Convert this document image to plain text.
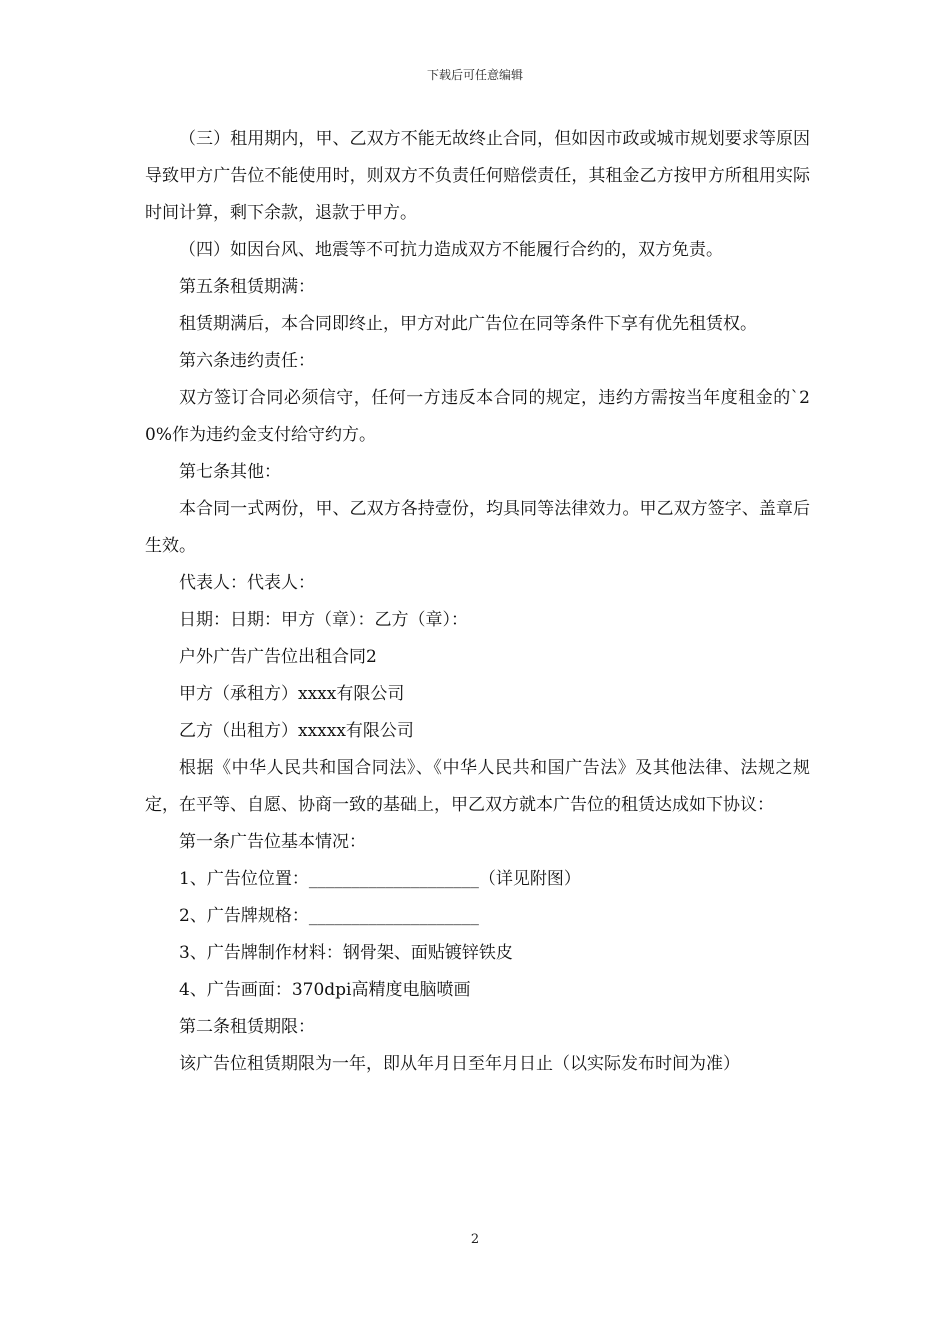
下载后可任意编辑

（三）租用期内，甲、乙双方不能无故终止合同，但如因市政或城市规划要求等原因导致甲方广告位不能使用时，则双方不负责任何赔偿责任，其租金乙方按甲方所租用实际时间计算，剩下余款，退款于甲方。

（四）如因台风、地震等不可抗力造成双方不能履行合约的，双方免责。

第五条租赁期满：

租赁期满后，本合同即终止，甲方对此广告位在同等条件下享有优先租赁权。

第六条违约责任：

双方签订合同必须信守，任何一方违反本合同的规定，违约方需按当年度租金的`20%作为违约金支付给守约方。

第七条其他：

本合同一式两份，甲、乙双方各持壹份，均具同等法律效力。甲乙双方签字、盖章后生效。

代表人：代表人：

日期：日期：甲方（章）：乙方（章）：

户外广告广告位出租合同2

甲方（承租方）xxxx有限公司

乙方（出租方）xxxxx有限公司

根据《中华人民共和国合同法》、《中华人民共和国广告法》及其他法律、法规之规定，在平等、自愿、协商一致的基础上，甲乙双方就本广告位的租赁达成如下协议：

第一条广告位基本情况：

1、广告位位置：____________________（详见附图）

2、广告牌规格：____________________

3、广告牌制作材料：钢骨架、面贴镀锌铁皮

4、广告画面：370dpi高精度电脑喷画

第二条租赁期限：

该广告位租赁期限为一年，即从年月日至年月日止（以实际发布时间为准）

2
